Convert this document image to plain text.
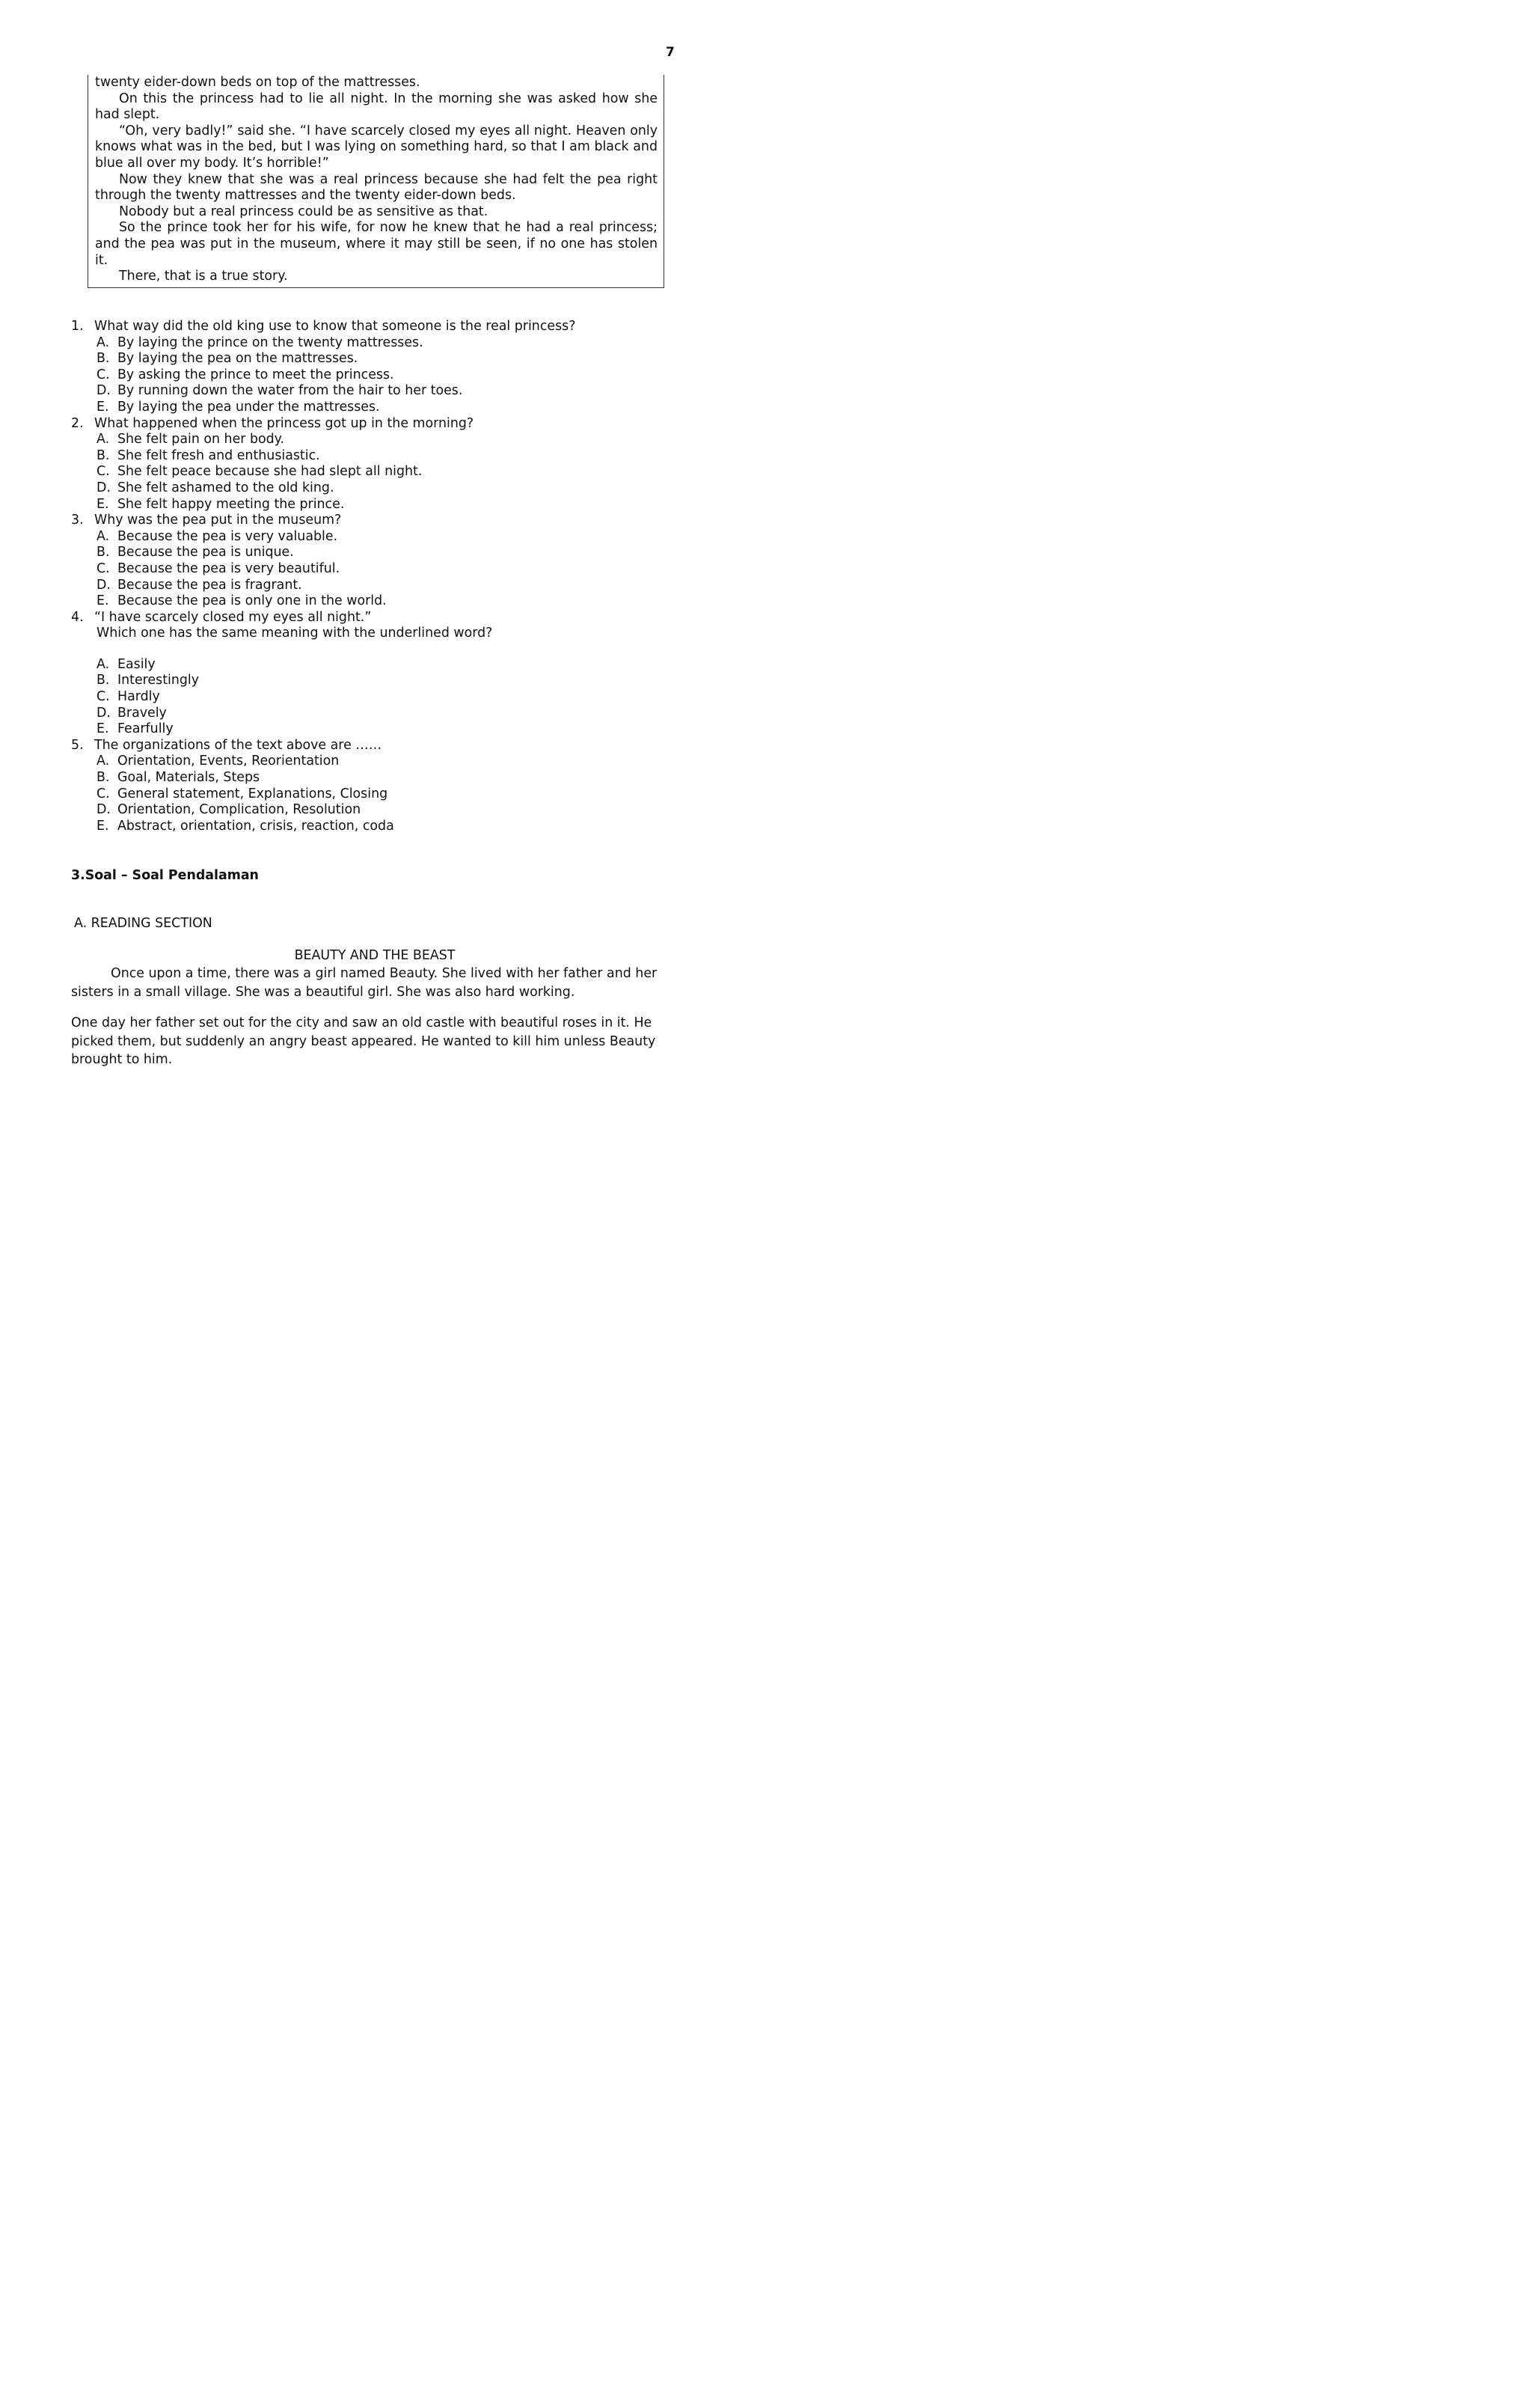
7

twenty eider-down beds on top of the mattresses.

On this the princess had to lie all night. In the morning she was asked how she had slept.

“Oh, very badly!” said she. “I have scarcely closed my eyes all night. Heaven only knows what was in the bed, but I was lying on something hard, so that I am black and blue all over my body. It’s horrible!”

Now they knew that she was a real princess because she had felt the pea right through the twenty mattresses and the twenty eider-down beds.

Nobody but a real princess could be as sensitive as that.

So the prince took her for his wife, for now he knew that he had a real princess; and the pea was put in the museum, where it may still be seen, if no one has stolen it.

There, that is a true story.

1. What way did the old king use to know that someone is the real princess?
A. By laying the prince on the twenty mattresses.
B. By laying the pea on the mattresses.
C. By asking the prince to meet the princess.
D. By running down the water from the hair to her toes.
E. By laying the pea under the mattresses.
2. What happened when the princess got up in the morning?
A. She felt pain on her body.
B. She felt fresh and enthusiastic.
C. She felt peace because she had slept all night.
D. She felt ashamed to the old king.
E. She felt happy meeting the prince.
3. Why was the pea put in the museum?
A. Because the pea is very valuable.
B. Because the pea is unique.
C. Because the pea is very beautiful.
D. Because the pea is fragrant.
E. Because the pea is only one in the world.
4. “I have scarcely closed my eyes all night.”
Which one has the same meaning with the underlined word?
A. Easily
B. Interestingly
C. Hardly
D. Bravely
E. Fearfully
5. The organizations of the text above are ……
A. Orientation, Events, Reorientation
B. Goal, Materials, Steps
C. General statement, Explanations, Closing
D. Orientation, Complication, Resolution
E. Abstract, orientation, crisis, reaction, coda
3.Soal – Soal Pendalaman
A. READING SECTION
BEAUTY AND THE BEAST

Once upon a time, there was a girl named Beauty. She lived with her father and her sisters in a small village. She was a beautiful girl. She was also hard working.

One day her father set out for the city and saw an old castle with beautiful roses in it. He picked them, but suddenly an angry beast appeared. He wanted to kill him unless Beauty brought to him.
